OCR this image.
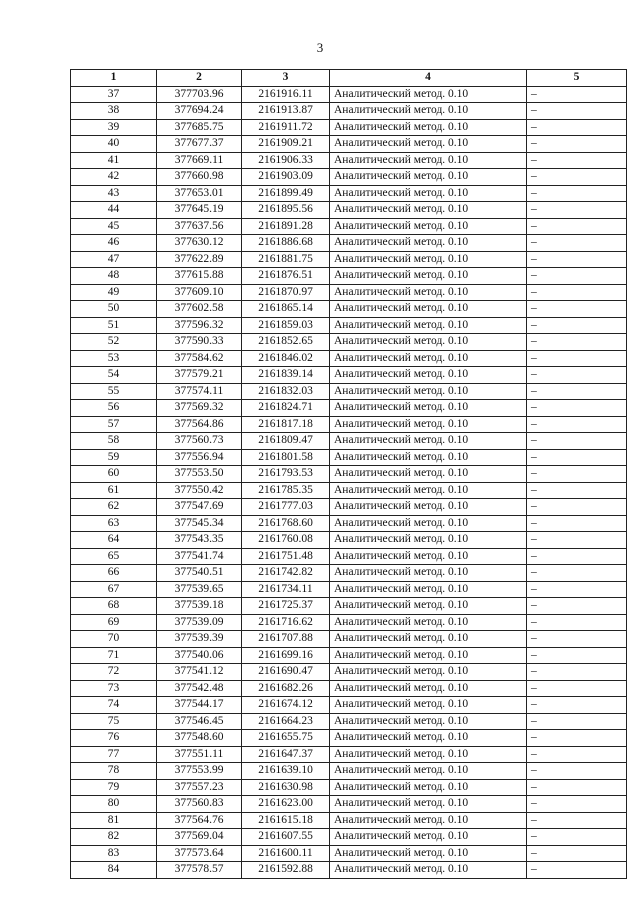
3
1	2	3	4	5
37	377703.96	2161916.11	Аналитический метод. 0.10	–
38	377694.24	2161913.87	Аналитический метод. 0.10	–
39	377685.75	2161911.72	Аналитический метод. 0.10	–
40	377677.37	2161909.21	Аналитический метод. 0.10	–
41	377669.11	2161906.33	Аналитический метод. 0.10	–
42	377660.98	2161903.09	Аналитический метод. 0.10	–
43	377653.01	2161899.49	Аналитический метод. 0.10	–
44	377645.19	2161895.56	Аналитический метод. 0.10	–
45	377637.56	2161891.28	Аналитический метод. 0.10	–
46	377630.12	2161886.68	Аналитический метод. 0.10	–
47	377622.89	2161881.75	Аналитический метод. 0.10	–
48	377615.88	2161876.51	Аналитический метод. 0.10	–
49	377609.10	2161870.97	Аналитический метод. 0.10	–
50	377602.58	2161865.14	Аналитический метод. 0.10	–
51	377596.32	2161859.03	Аналитический метод. 0.10	–
52	377590.33	2161852.65	Аналитический метод. 0.10	–
53	377584.62	2161846.02	Аналитический метод. 0.10	–
54	377579.21	2161839.14	Аналитический метод. 0.10	–
55	377574.11	2161832.03	Аналитический метод. 0.10	–
56	377569.32	2161824.71	Аналитический метод. 0.10	–
57	377564.86	2161817.18	Аналитический метод. 0.10	–
58	377560.73	2161809.47	Аналитический метод. 0.10	–
59	377556.94	2161801.58	Аналитический метод. 0.10	–
60	377553.50	2161793.53	Аналитический метод. 0.10	–
61	377550.42	2161785.35	Аналитический метод. 0.10	–
62	377547.69	2161777.03	Аналитический метод. 0.10	–
63	377545.34	2161768.60	Аналитический метод. 0.10	–
64	377543.35	2161760.08	Аналитический метод. 0.10	–
65	377541.74	2161751.48	Аналитический метод. 0.10	–
66	377540.51	2161742.82	Аналитический метод. 0.10	–
67	377539.65	2161734.11	Аналитический метод. 0.10	–
68	377539.18	2161725.37	Аналитический метод. 0.10	–
69	377539.09	2161716.62	Аналитический метод. 0.10	–
70	377539.39	2161707.88	Аналитический метод. 0.10	–
71	377540.06	2161699.16	Аналитический метод. 0.10	–
72	377541.12	2161690.47	Аналитический метод. 0.10	–
73	377542.48	2161682.26	Аналитический метод. 0.10	–
74	377544.17	2161674.12	Аналитический метод. 0.10	–
75	377546.45	2161664.23	Аналитический метод. 0.10	–
76	377548.60	2161655.75	Аналитический метод. 0.10	–
77	377551.11	2161647.37	Аналитический метод. 0.10	–
78	377553.99	2161639.10	Аналитический метод. 0.10	–
79	377557.23	2161630.98	Аналитический метод. 0.10	–
80	377560.83	2161623.00	Аналитический метод. 0.10	–
81	377564.76	2161615.18	Аналитический метод. 0.10	–
82	377569.04	2161607.55	Аналитический метод. 0.10	–
83	377573.64	2161600.11	Аналитический метод. 0.10	–
84	377578.57	2161592.88	Аналитический метод. 0.10	–
